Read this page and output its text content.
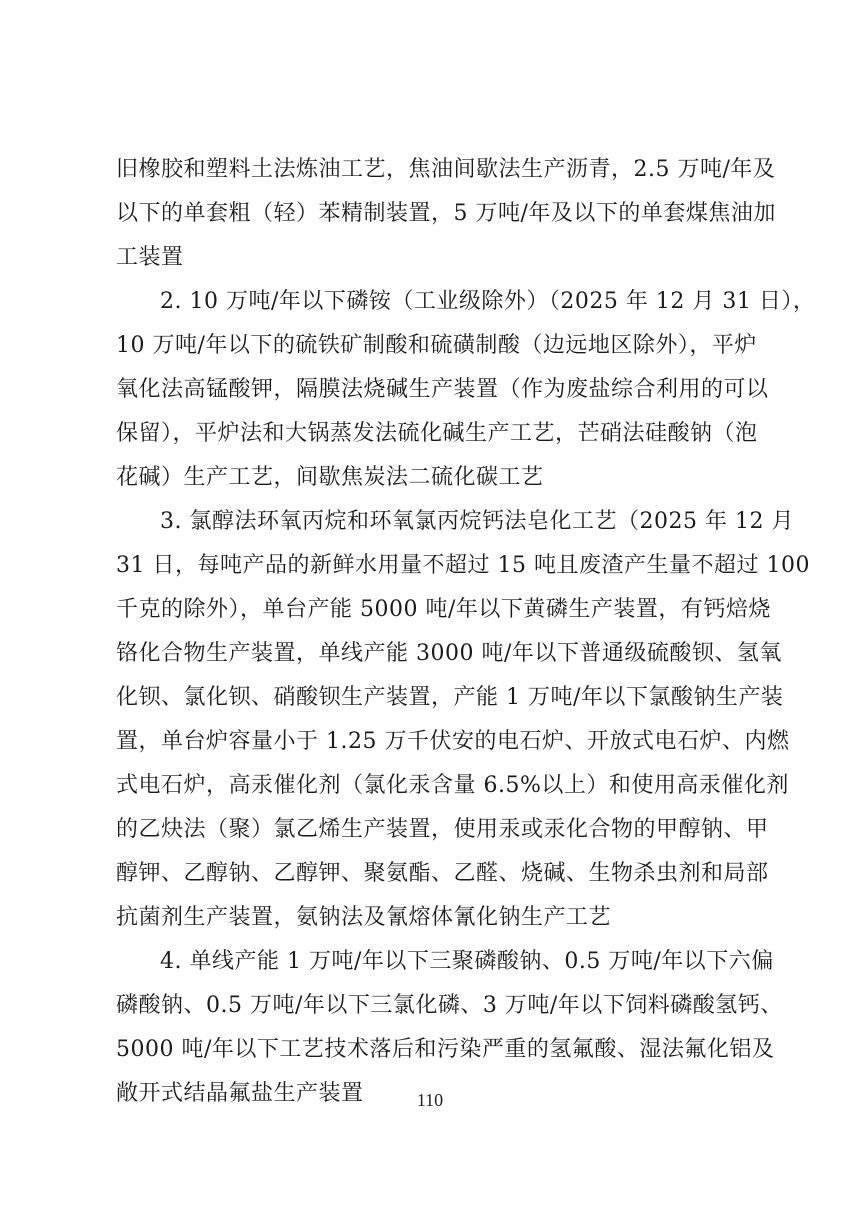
旧橡胶和塑料土法炼油工艺，焦油间歇法生产沥青，2.5 万吨/年及
以下的单套粗（轻）苯精制装置，5 万吨/年及以下的单套煤焦油加
工装置
2. 10 万吨/年以下磷铵（工业级除外）（2025 年 12 月 31 日），
10 万吨/年以下的硫铁矿制酸和硫磺制酸（边远地区除外），平炉
氧化法高锰酸钾，隔膜法烧碱生产装置（作为废盐综合利用的可以
保留），平炉法和大锅蒸发法硫化碱生产工艺，芒硝法硅酸钠（泡
花碱）生产工艺，间歇焦炭法二硫化碳工艺
3. 氯醇法环氧丙烷和环氧氯丙烷钙法皂化工艺（2025 年 12 月
31 日，每吨产品的新鲜水用量不超过 15 吨且废渣产生量不超过 100
千克的除外），单台产能 5000 吨/年以下黄磷生产装置，有钙焙烧
铬化合物生产装置，单线产能 3000 吨/年以下普通级硫酸钡、氢氧
化钡、氯化钡、硝酸钡生产装置，产能 1 万吨/年以下氯酸钠生产装
置，单台炉容量小于 1.25 万千伏安的电石炉、开放式电石炉、内燃
式电石炉，高汞催化剂（氯化汞含量 6.5%以上）和使用高汞催化剂
的乙炔法（聚）氯乙烯生产装置，使用汞或汞化合物的甲醇钠、甲
醇钾、乙醇钠、乙醇钾、聚氨酯、乙醛、烧碱、生物杀虫剂和局部
抗菌剂生产装置，氨钠法及氰熔体氰化钠生产工艺
4. 单线产能 1 万吨/年以下三聚磷酸钠、0.5 万吨/年以下六偏
磷酸钠、0.5 万吨/年以下三氯化磷、3 万吨/年以下饲料磷酸氢钙、
5000 吨/年以下工艺技术落后和污染严重的氢氟酸、湿法氟化铝及
敞开式结晶氟盐生产装置	110
